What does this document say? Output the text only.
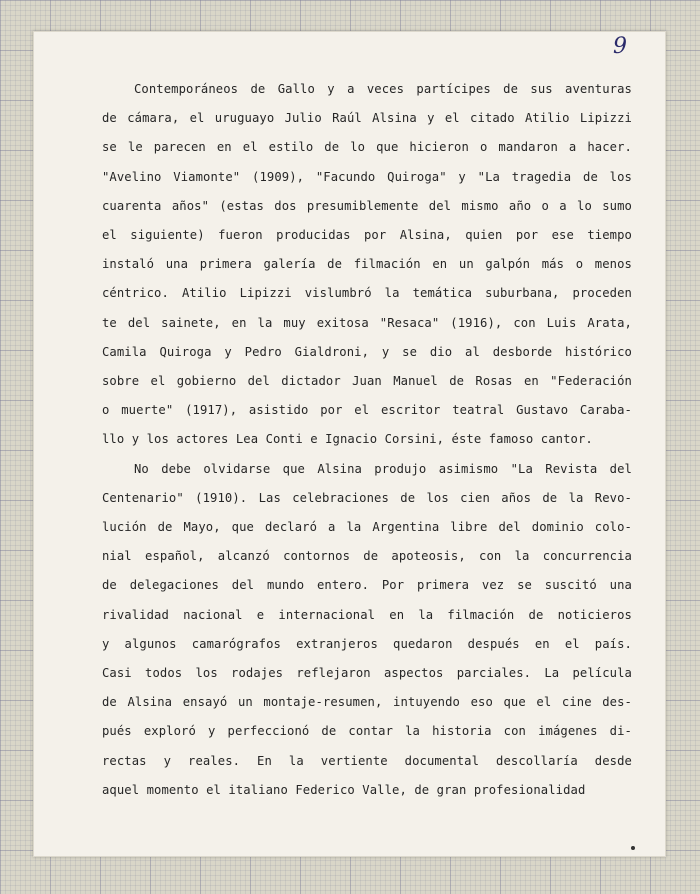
9
Contemporáneos de Gallo y a veces partícipes de sus aventuras
de cámara, el uruguayo Julio Raúl Alsina y el citado Atilio Lipizzi
se le parecen en el estilo de lo que hicieron o mandaron a hacer.
"Avelino Viamonte" (1909), "Facundo Quiroga" y "La tragedia de los
cuarenta años" (estas dos presumiblemente del mismo año o a lo sumo
el siguiente) fueron producidas por Alsina, quien por ese tiempo
instaló una primera galería de filmación en un galpón más o menos
céntrico. Atilio Lipizzi vislumbró la temática suburbana, proceden
te del sainete, en la muy exitosa "Resaca" (1916), con Luis Arata,
Camila Quiroga y Pedro Gialdroni, y se dio al desborde histórico
sobre el gobierno del dictador Juan Manuel de Rosas en "Federación
o muerte" (1917), asistido por el escritor teatral Gustavo Caraba-
llo y los actores Lea Conti e Ignacio Corsini, éste famoso cantor.
No debe olvidarse que Alsina produjo asimismo "La Revista del
Centenario" (1910). Las celebraciones de los cien años de la Revo-
lución de Mayo, que declaró a la Argentina libre del dominio colo-
nial español, alcanzó contornos de apoteosis, con la concurrencia
de delegaciones del mundo entero. Por primera vez se suscitó una
rivalidad nacional e internacional en la filmación de noticieros
y algunos camarógrafos extranjeros quedaron después en el país.
Casi todos los rodajes reflejaron aspectos parciales. La película
de Alsina ensayó un montaje-resumen, intuyendo eso que el cine des-
pués exploró y perfeccionó de contar la historia con imágenes di-
rectas y reales. En la vertiente documental descollaría desde
aquel momento el italiano Federico Valle, de gran profesionalidad
